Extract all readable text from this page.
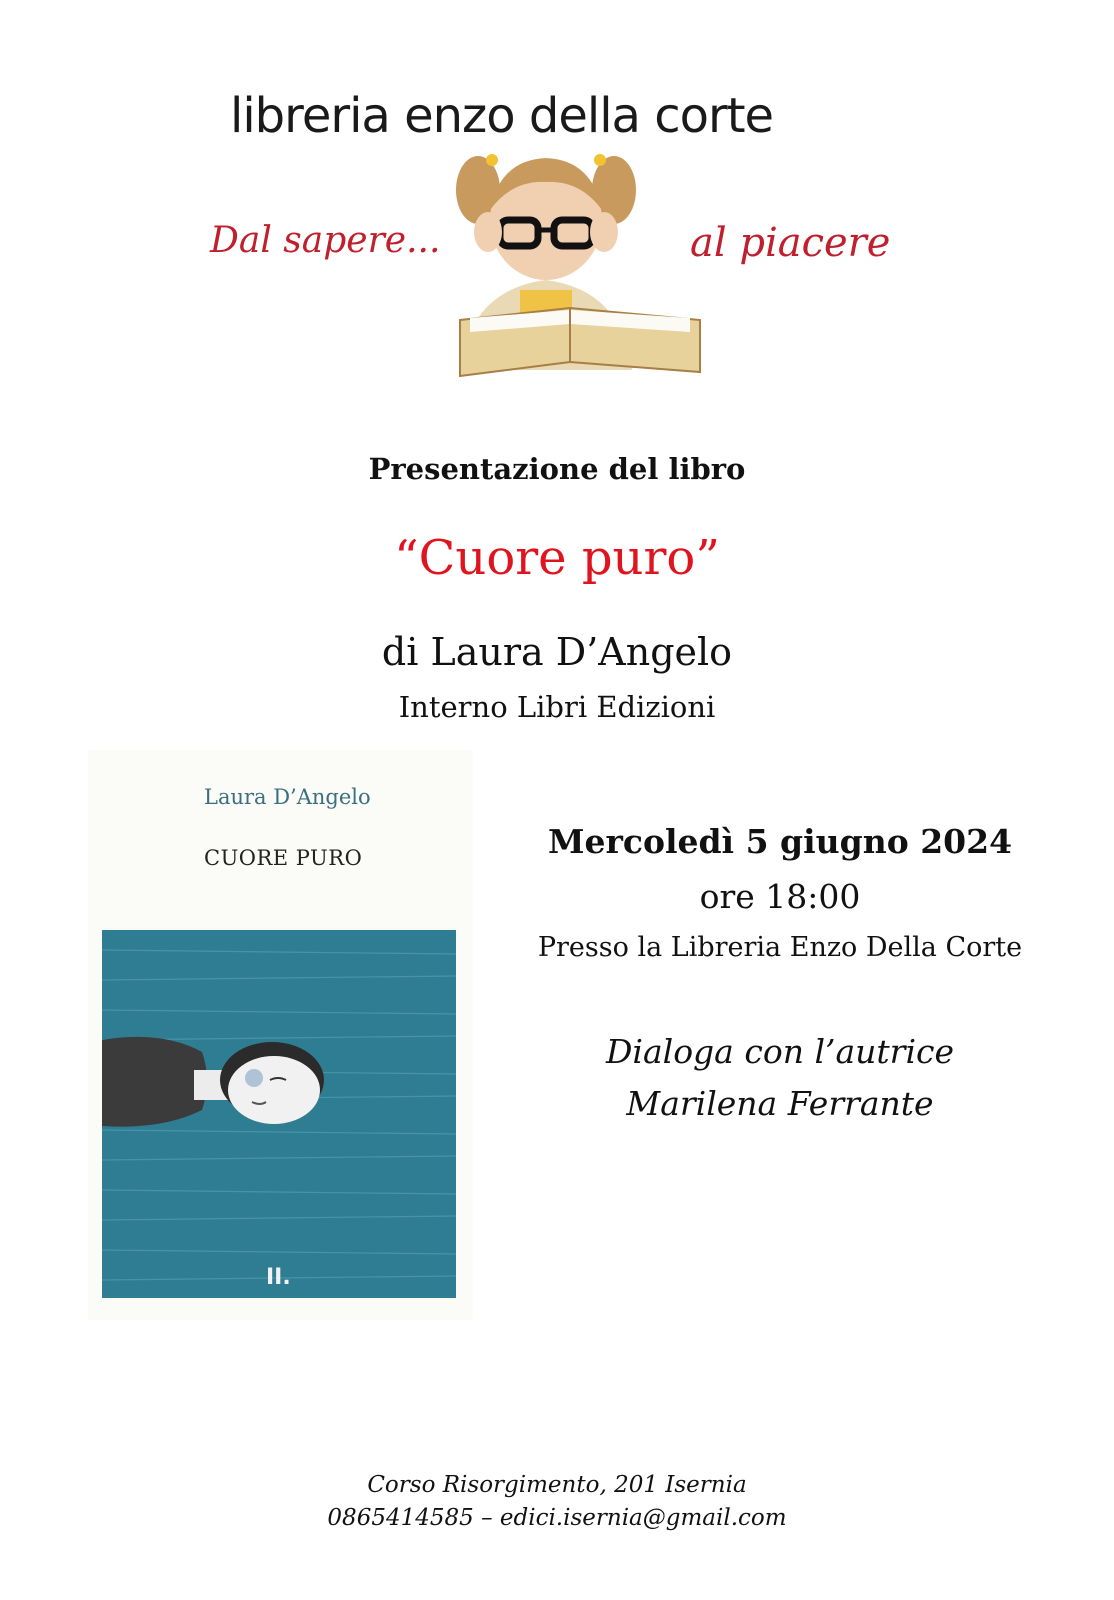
libreria enzo della corte
Dal sapere...	al piacere
Presentazione del libro
“Cuore puro”
di Laura D’Angelo
Interno Libri Edizioni
Laura D’Angelo
CUORE PURO
II.
Mercoledì 5 giugno 2024
ore 18:00
Presso la Libreria Enzo Della Corte
Dialoga con l’autrice
Marilena Ferrante
Corso Risorgimento, 201 Isernia
0865414585 – edici.isernia@gmail.com
